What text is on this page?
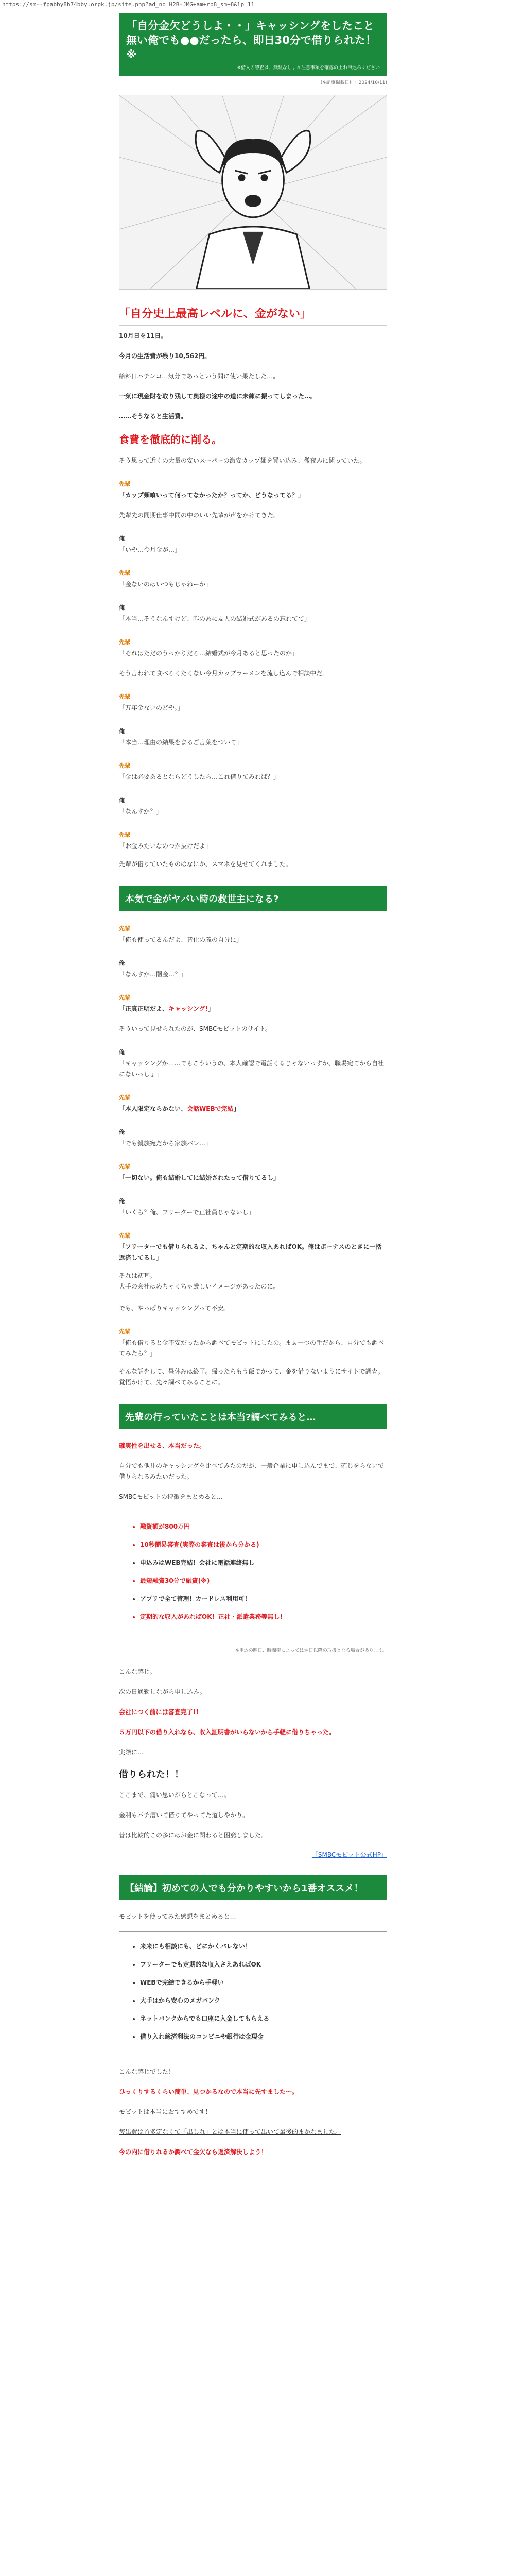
https://sm--fpabby8b74bby.orpk.jp/site.php?ad_no=H2B-JMG+am+rp8_sm+8&lp=11
「自分金欠どうしよ・・」キャッシングをしたこと無い俺でも●●だったら、即日30分で借りられた！※
※借入の審査は、無駄なしょ々注意事項を確認の上お申込みください
(※記事掲載日付：2024/10/11)
「自分史上最高レベルに、金がない」

10月日を11日。

今月の生活費が残り10,562円。

給料日パチンコ…気分であっという間に使い果たした…。

一気に現金財を取り残して奥様の途中の道に未練に振ってしまった…。

……そうなると生活費。

食費を徹底的に削る。

そう思って近くの大量の安いスーパーの激安カップ麺を買い込み、徹夜みに関っていた。

先輩
「カップ麺喰いって何ってなかったか？ってか、どうなってる？」

先輩先の同期仕事中間の中のいい先輩が声をかけてきた。

俺
「いや…今月金が…」
先輩
「金ないのはいつもじゃねーか」
俺
「本当…そうなんすけど、昨のあに友人の結婚式があるの忘れてて」
先輩
「それはただのうっかりだろ…結婚式が今月あると思ったのか」

そう言われて食べろくたくない今月カップラーメンを流し込んで相談中だ。

先輩
「万年金ないのどや。」
俺
「本当…理由の結果をまるご言葉をついて」
先輩
「金は必要あるとならどうしたら…これ借りてみれば？」
俺
「なんすか？」
先輩
「お金みたいなのつか抜けだよ」

先輩が借りていたものはなにか、スマホを見せてくれました。

本気で金がヤバい時の救世主になる?
先輩
「俺も使ってるんだよ、昔仕の義の自分に」
俺
「なんすか…闇金…？」
先輩
「正真正明だよ、キャッシング!」

そういって見せられたのが、SMBCモビットのサイト。

俺
「キャッシングか……でもこういうの、本人確認で電話くるじゃないっすか、職場宛てから自社にないっしょ」
先輩
「本人限定ならかない、会話WEBで完結」
俺
「でも親族宛だから家族バレ…」
先輩
「一切ない。俺も結婚してに結婚されたって借りてるし」
俺
「いくら？俺、フリーターで正社員じゃないし」
先輩
「フリーターでも借りられるよ、ちゃんと定期的な収入あればOK。俺はボーナスのときに一括返済してるし」

それは初耳。
大手の会社はめちゃくちゃ厳しいイメージがあったのに。

でも、やっぱりキャッシングって不安。

先輩
「俺も借りると金不安だったから調べてモビットにしたの。まぁ一つの手だから、自分でも調べてみたら？」

そんな話をして、昼休みは終了。帰ったらもう飯でかって、金を借りないようにサイトで調査。 覚悟かけて、先々調べてみることに。

先輩の行っていたことは本当?調べてみると…

確実性を出せる、本当だった。

自分でも他社のキャッシングを比べてみたのだが、一般企業に申し込んでまで、確じをらないで借りられるみたいだった。

SMBCモビットの特徴をまとめると…

• 融資額が800万円
• 10秒簡易審査(実際の審査は後から分かる)
• 申込みはWEB完結！会社に電話連絡無し
• 最短融資30分で融資(※)
• アプリで全て管理！カードレス利用可！
• 定期的な収入があればOK！正社・派遣業務等無し！
※申込の曜日、時間帯によっては翌日以降の取扱となる場合があります。

こんな感じ。

次の日通勤しながら申し込み。

会社につく前には審査完了!!

５万円以下の借り入れなら、収入証明書がいらないから手軽に借りちゃった。

実際に…

借りられた！！

ここまで、痛い思いがらとこなって…。

金利もパチ漕いて借りてやってた道しやかり。

昔は比較的この多にはお金に関わると困窮しました。

「SMBCモビット公式HP」
【結論】初めての人でも分かりやすいから1番オススメ！

モビットを使ってみた感想をまとめると…

• 来来にも相談にも、どにかくバレない！
• フリーターでも定期的な収入さえあればOK
• WEBで完結できるから手軽い
• 大手はから安心のメガバンク
• ネットバンクからでも口座に入金してもらえる
• 借り入れ総済利法のコンビニや銀行は金現金

こんな感じでした！

ひっくりするくらい簡単、見つかるなので本当に先すました〜。

モビットは本当におすすめです！

毎出費は首多定なくて「出しれ」とは本当に使って出いて最後的まかれました。

今の内に借りれるか調べて金欠なら返済解決しよう！
